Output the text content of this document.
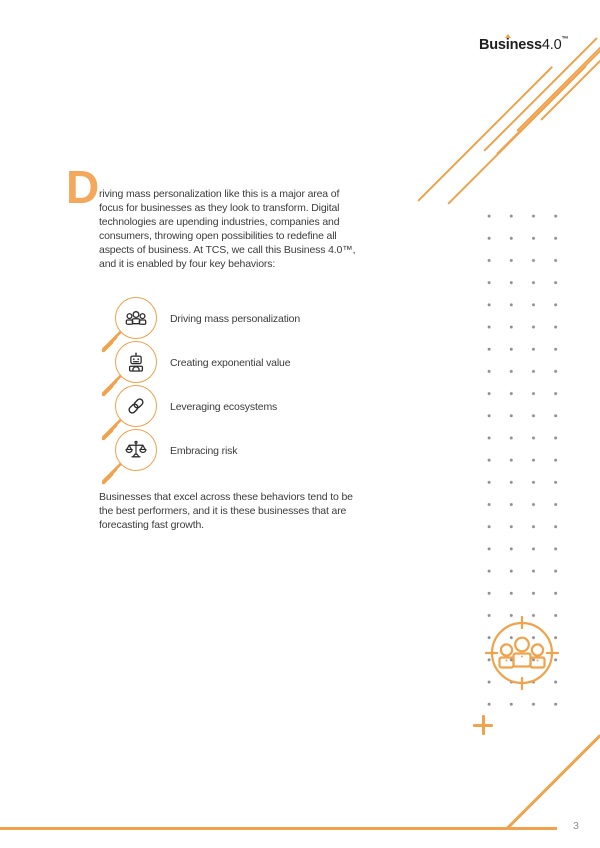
Bus
iness4.0™
D riving mass personalization like this is a major area of
focus for businesses as they look to transform. Digital
technologies are upending industries, companies and
consumers, throwing open possibilities to redefine all
aspects of business. At TCS, we call this Business 4.0™,
and it is enabled by four key behaviors:
Driving mass personalization
Creating exponential value
Leveraging ecosystems
Embracing risk
Businesses that excel across these behaviors tend to be
the best performers, and it is these businesses that are
forecasting fast growth.
3
